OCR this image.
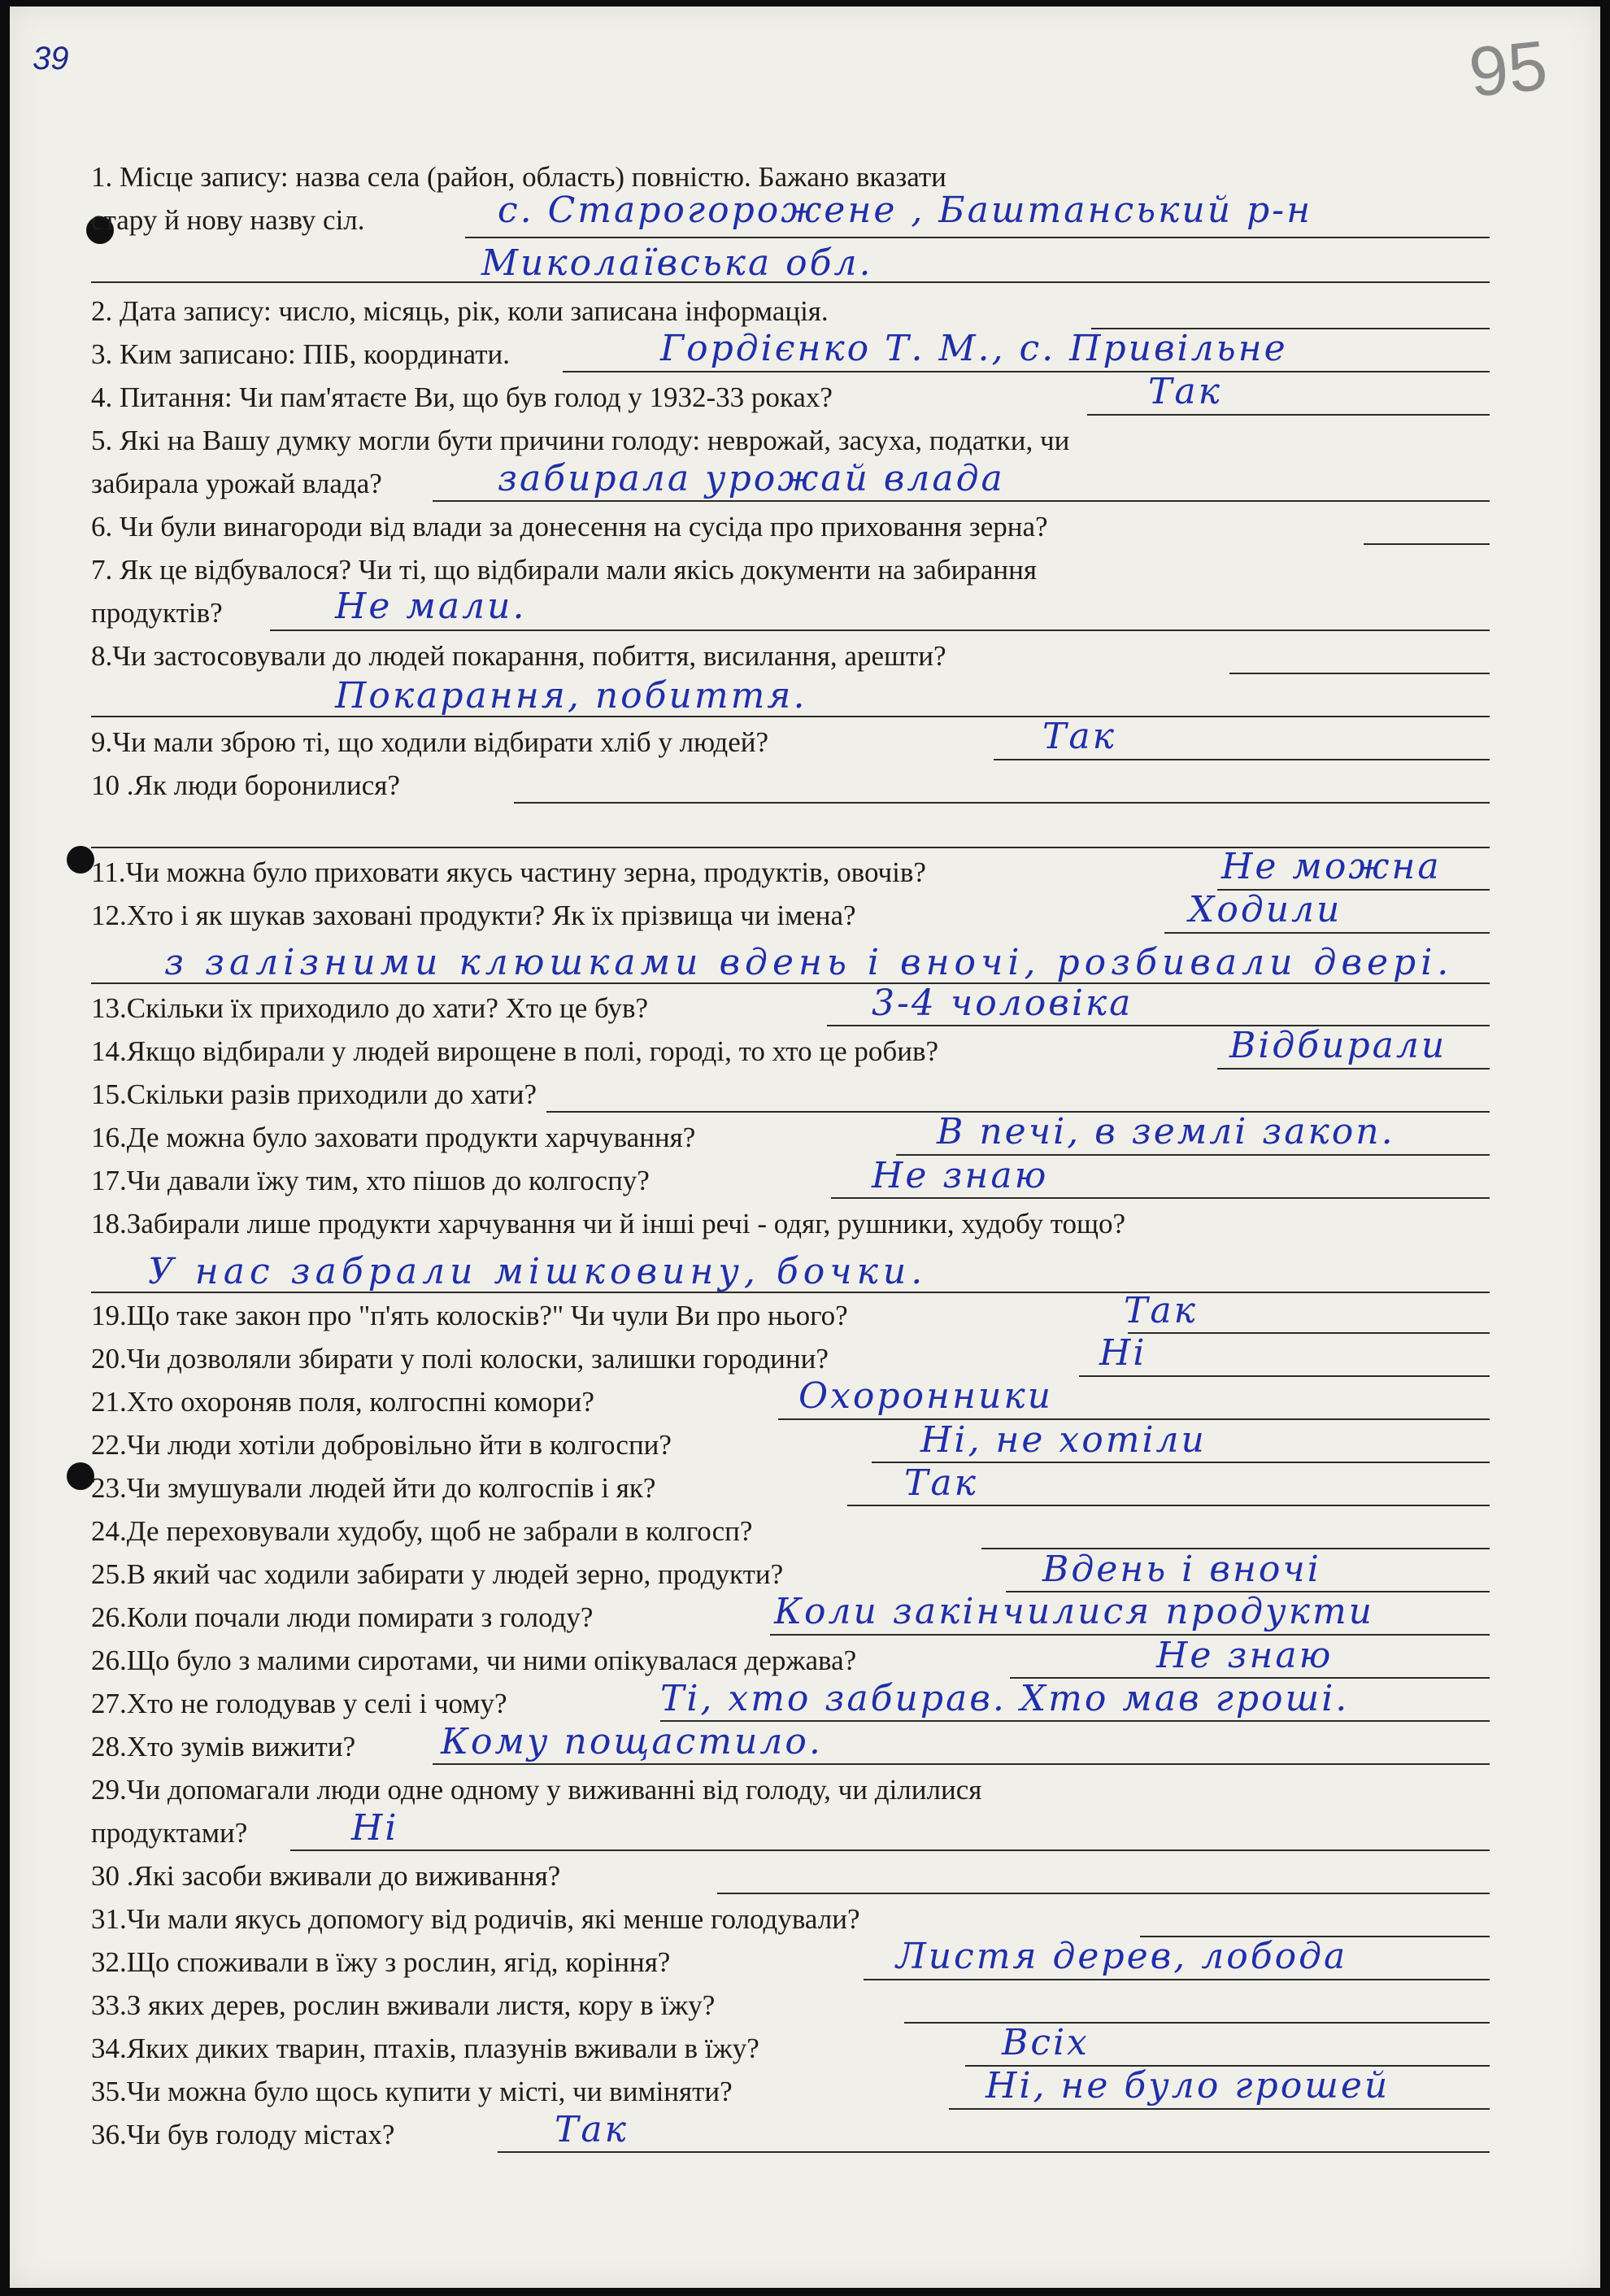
39	95
1. Місце запису: назва села (район, область) повністю. Бажано вказати
стару й нову назву сіл.	с. Старогорожене , Баштанський р-н
Миколаївська обл.
2. Дата запису: число, місяць, рік, коли записана інформація.
3. Ким записано: ПІБ, координати.	Гордієнко Т. М., с. Привільне
4. Питання: Чи пам'ятаєте Ви, що був голод у 1932-33 роках?	Так
5. Які на Вашу думку могли бути причини голоду: неврожай, засуха, податки, чи
забирала урожай влада?	забирала урожай влада
6. Чи були винагороди від влади за донесення на сусіда про приховання зерна?
7. Як це відбувалося? Чи ті, що відбирали мали якісь документи на забирання
продуктів?	Не мали.
8.Чи застосовували до людей покарання, побиття, висилання, арешти?
Покарання, побиття.
9.Чи мали зброю ті, що ходили відбирати хліб у людей?	Так
10 .Як люди боронилися?
11.Чи можна було приховати якусь частину зерна, продуктів, овочів?	Не можна
12.Хто і як шукав заховані продукти? Як їх прізвища чи імена?	Ходили
з залізними клюшками вдень і вночі, розбивали двері.
13.Скільки їх приходило до хати? Хто це був?	3-4 чоловіка
14.Якщо відбирали у людей вирощене в полі, городі, то хто це робив?	Відбирали
15.Скільки разів приходили до хати?
16.Де можна було заховати продукти харчування?	В печі, в землі закоп.
17.Чи давали їжу тим, хто пішов до колгоспу?	Не знаю
18.Забирали лише продукти харчування чи й інші речі - одяг, рушники, худобу тощо?
У нас забрали мішковину, бочки.
19.Що таке закон про "п'ять колосків?" Чи чули Ви про нього?	Так
20.Чи дозволяли збирати у полі колоски, залишки городини?	Ні
21.Хто охороняв поля, колгоспні комори?	Охоронники
22.Чи люди хотіли добровільно йти в колгоспи?	Ні, не хотіли
23.Чи змушували людей йти до колгоспів і як?	Так
24.Де переховували худобу, щоб не забрали в колгосп?
25.В який час ходили забирати у людей зерно, продукти?	Вдень і вночі
26.Коли почали люди помирати з голоду?	Коли закінчилися продукти
26.Що було з малими сиротами, чи ними опікувалася держава?	Не знаю
27.Хто не голодував у селі і чому?	Ті, хто забирав. Хто мав гроші.
28.Хто зумів вижити? Кому пощастило.
29.Чи допомагали люди одне одному у виживанні від голоду, чи ділилися
продуктами?	Ні
30 .Які засоби вживали до виживання?
31.Чи мали якусь допомогу від родичів, які менше голодували?
32.Що споживали в їжу з рослин, ягід, коріння?	Листя дерев, лобода
33.З яких дерев, рослин вживали листя, кору в їжу?
34.Яких диких тварин, птахів, плазунів вживали в їжу?	Всіх
35.Чи можна було щось купити у місті, чи виміняти?	Ні, не було грошей
36.Чи був голоду містах?	Так
